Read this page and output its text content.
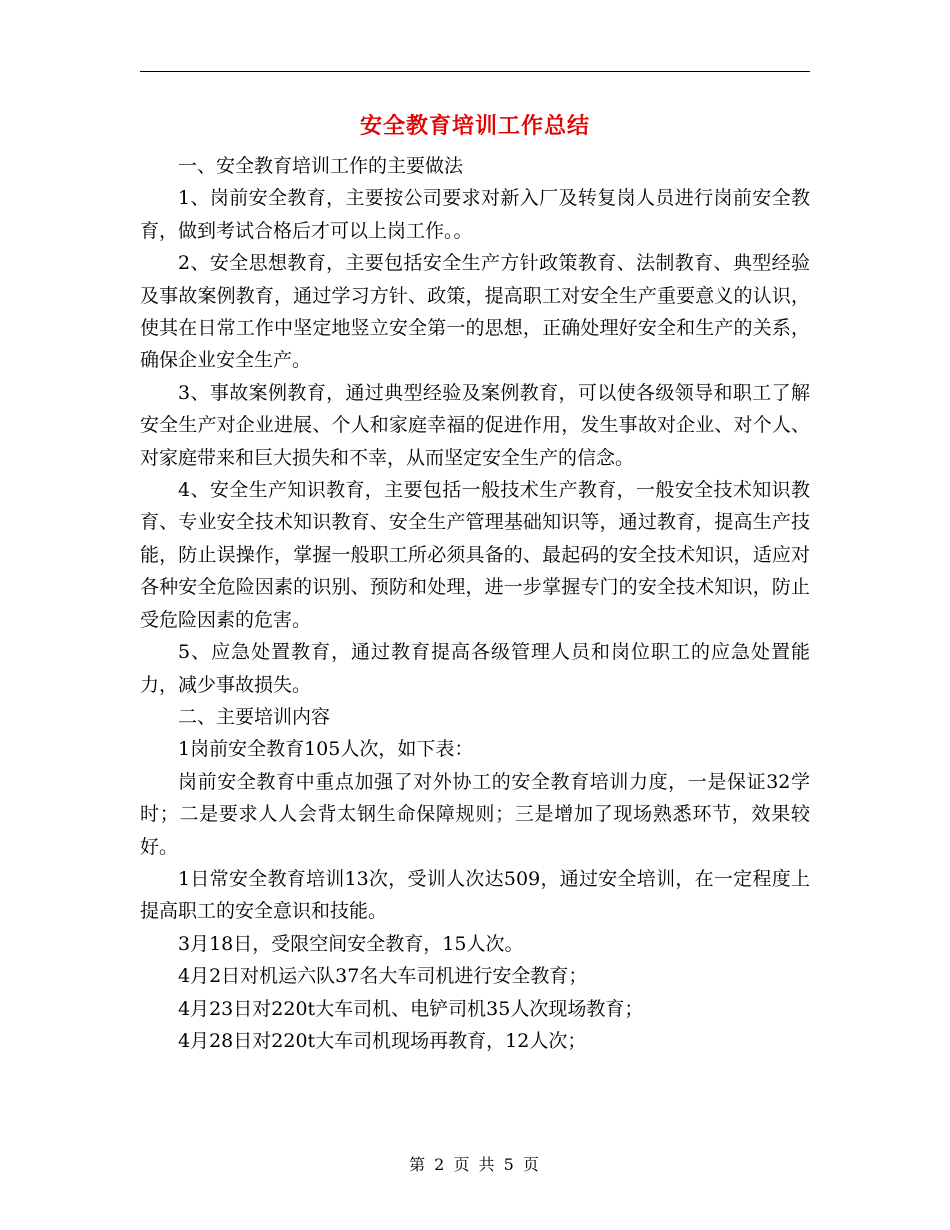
安全教育培训工作总结

一、安全教育培训工作的主要做法

1、岗前安全教育，主要按公司要求对新入厂及转复岗人员进行岗前安全教育，做到考试合格后才可以上岗工作。。

2、安全思想教育，主要包括安全生产方针政策教育、法制教育、典型经验及事故案例教育，通过学习方针、政策，提高职工对安全生产重要意义的认识，使其在日常工作中坚定地竖立安全第一的思想，正确处理好安全和生产的关系，确保企业安全生产。

3、事故案例教育，通过典型经验及案例教育，可以使各级领导和职工了解安全生产对企业进展、个人和家庭幸福的促进作用，发生事故对企业、对个人、对家庭带来和巨大损失和不幸，从而坚定安全生产的信念。

4、安全生产知识教育，主要包括一般技术生产教育，一般安全技术知识教育、专业安全技术知识教育、安全生产管理基础知识等，通过教育，提高生产技能，防止误操作，掌握一般职工所必须具备的、最起码的安全技术知识，适应对各种安全危险因素的识别、预防和处理，进一步掌握专门的安全技术知识，防止受危险因素的危害。

5、应急处置教育，通过教育提高各级管理人员和岗位职工的应急处置能力，减少事故损失。

二、主要培训内容

1岗前安全教育105人次，如下表：

岗前安全教育中重点加强了对外协工的安全教育培训力度，一是保证32学时；二是要求人人会背太钢生命保障规则；三是增加了现场熟悉环节，效果较好。

1日常安全教育培训13次，受训人次达509，通过安全培训，在一定程度上提高职工的安全意识和技能。

3月18日，受限空间安全教育，15人次。

4月2日对机运六队37名大车司机进行安全教育；

4月23日对220t大车司机、电铲司机35人次现场教育；

4月28日对220t大车司机现场再教育，12人次；

第 2 页 共 5 页
